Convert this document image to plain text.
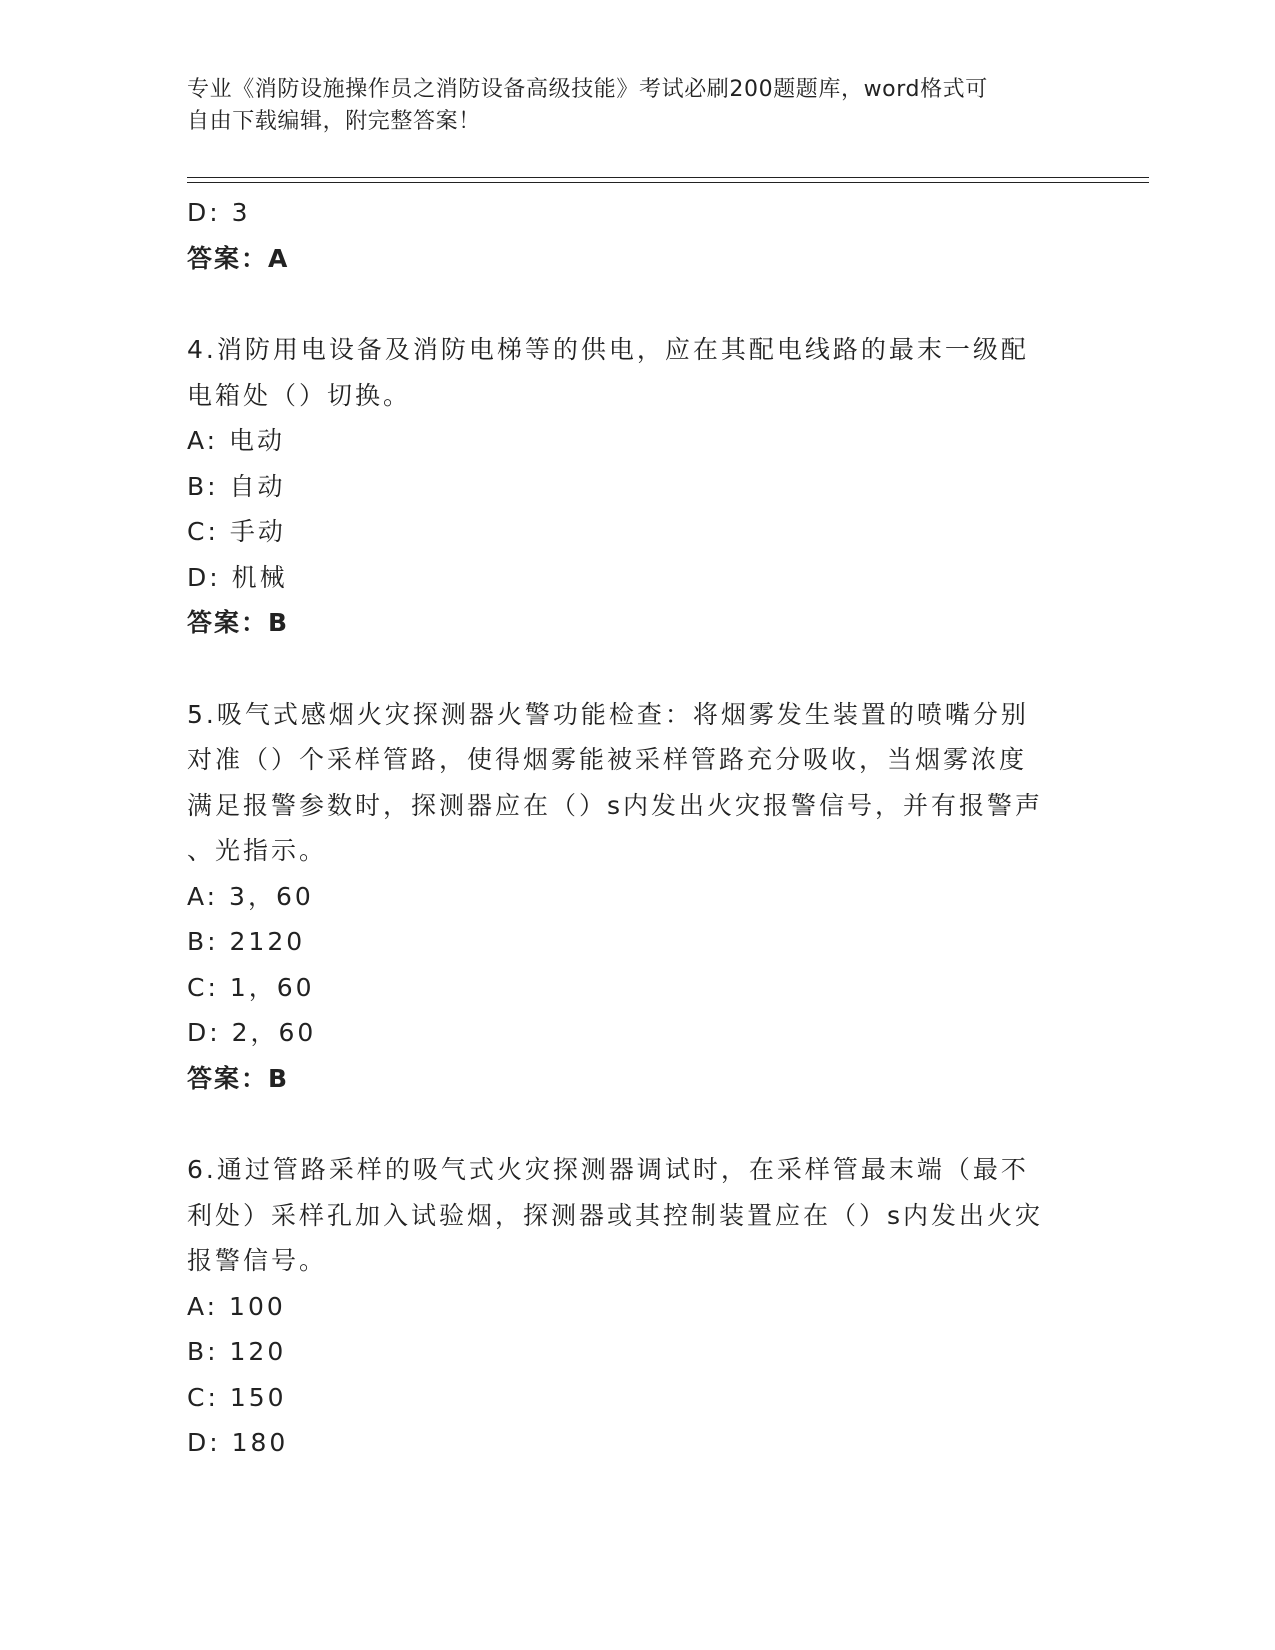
专业《消防设施操作员之消防设备高级技能》考试必刷200题题库，word格式可
自由下载编辑，附完整答案！
D: 3
答案：A
4.消防用电设备及消防电梯等的供电，应在其配电线路的最末一级配
电箱处（）切换。
A: 电动
B: 自动
C: 手动
D: 机械
答案：B
5.吸气式感烟火灾探测器火警功能检查：将烟雾发生装置的喷嘴分别
对准（）个采样管路，使得烟雾能被采样管路充分吸收，当烟雾浓度
满足报警参数时，探测器应在（）s内发出火灾报警信号，并有报警声
、光指示。
A: 3，60
B: 2120
C: 1，60
D: 2，60
答案：B
6.通过管路采样的吸气式火灾探测器调试时，在采样管最末端（最不
利处）采样孔加入试验烟，探测器或其控制装置应在（）s内发出火灾
报警信号。
A: 100
B: 120
C: 150
D: 180
